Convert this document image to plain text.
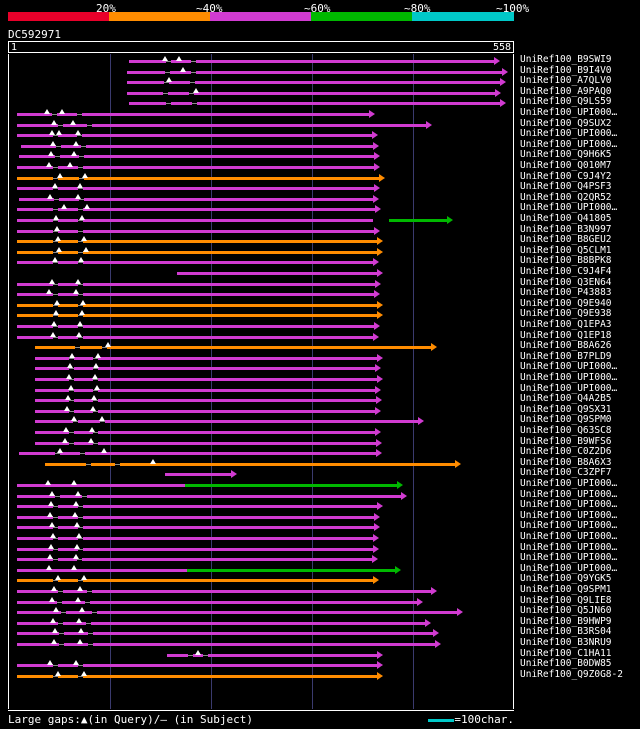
20%	~40%	~60%	~80%	~100%
DC592971
1	558
UniRef100_B9SWI9
UniRef100_B9I4V0
UniRef100_A7QLV0
UniRef100_A9PAQ0
UniRef100_Q9LS59
UniRef100_UPI000…
UniRef100_Q9SUX2
UniRef100_UPI000…
UniRef100_UPI000…
UniRef100_Q9H6K5
UniRef100_Q010M7
UniRef100_C9J4Y2
UniRef100_Q4PSF3
UniRef100_Q2QR52
UniRef100_UPI000…
UniRef100_Q41805
UniRef100_B3N997
UniRef100_B8GEU2
UniRef100_Q5CLM1
UniRef100_B8BPK8
UniRef100_C9J4F4
UniRef100_Q3EN64
UniRef100_P43883
UniRef100_Q9E940
UniRef100_Q9E938
UniRef100_Q1EPA3
UniRef100_Q1EP18
UniRef100_B8A626
UniRef100_B7PLD9
UniRef100_UPI000…
UniRef100_UPI000…
UniRef100_UPI000…
UniRef100_Q4A2B5
UniRef100_Q9SX31
UniRef100_Q9SPM0
UniRef100_Q63SC8
UniRef100_B9WFS6
UniRef100_C0Z2D6
UniRef100_B8A6X3
UniRef100_C3ZPF7
UniRef100_UPI000…
UniRef100_UPI000…
UniRef100_UPI000…
UniRef100_UPI000…
UniRef100_UPI000…
UniRef100_UPI000…
UniRef100_UPI000…
UniRef100_UPI000…
UniRef100_UPI000…
UniRef100_Q9YGK5
UniRef100_Q9SPM1
UniRef100_Q9LIE8
UniRef100_Q5JN60
UniRef100_B9HWP9
UniRef100_B3RS04
UniRef100_B3NRU9
UniRef100_C1HA11
UniRef100_B0DW85
UniRef100_Q9Z0G8-2
Large gaps:▲(in Query)/– (in Subject)	=100char.
